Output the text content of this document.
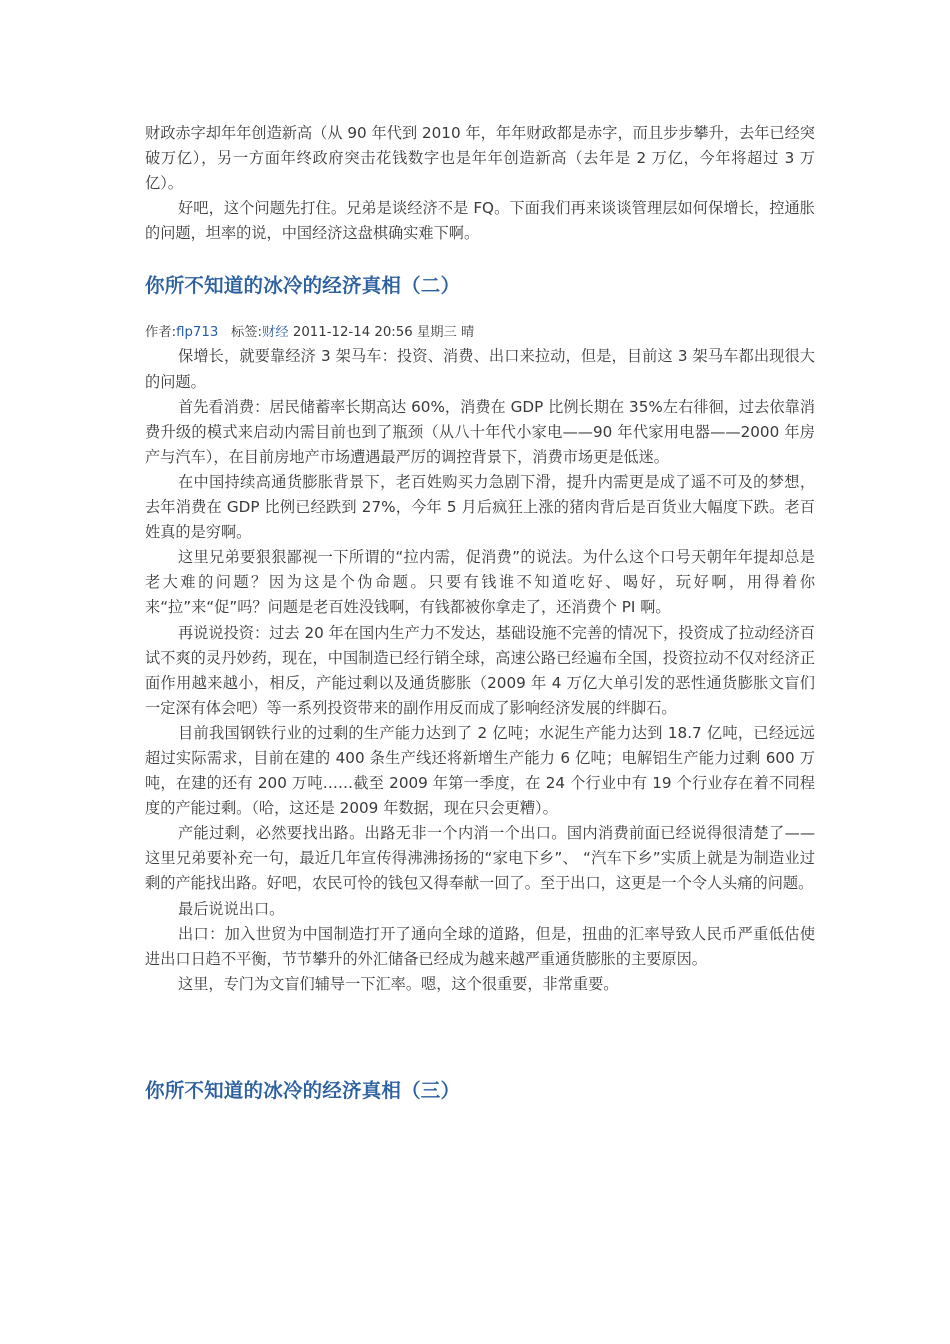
财政赤字却年年创造新高（从 90 年代到 2010 年，年年财政都是赤字，而且步步攀升，去年已经突破万亿），另一方面年终政府突击花钱数字也是年年创造新高（去年是 2 万亿，今年将超过 3 万亿）。

好吧，这个问题先打住。兄弟是谈经济不是 FQ。下面我们再来谈谈管理层如何保增长，控通胀的问题，坦率的说，中国经济这盘棋确实难下啊。

你所不知道的冰冷的经济真相（二）

作者:flp713 标签:财经 2011-12-14 20:56 星期三 晴

保增长，就要靠经济 3 架马车：投资、消费、出口来拉动，但是，目前这 3 架马车都出现很大的问题。

首先看消费：居民储蓄率长期高达 60%，消费在 GDP 比例长期在 35%左右徘徊，过去依靠消费升级的模式来启动内需目前也到了瓶颈（从八十年代小家电——90 年代家用电器——2000 年房产与汽车），在目前房地产市场遭遇最严厉的调控背景下，消费市场更是低迷。

在中国持续高通货膨胀背景下，老百姓购买力急剧下滑，提升内需更是成了遥不可及的梦想，去年消费在 GDP 比例已经跌到 27%，今年 5 月后疯狂上涨的猪肉背后是百货业大幅度下跌。老百姓真的是穷啊。

这里兄弟要狠狠鄙视一下所谓的“拉内需，促消费”的说法。为什么这个口号天朝年年提却总是老大难的问题？因为这是个伪命题。只要有钱谁不知道吃好、喝好，玩好啊，用得着你来“拉”来“促”吗？问题是老百姓没钱啊，有钱都被你拿走了，还消费个 PI 啊。

再说说投资：过去 20 年在国内生产力不发达，基础设施不完善的情况下，投资成了拉动经济百试不爽的灵丹妙药，现在，中国制造已经行销全球，高速公路已经遍布全国，投资拉动不仅对经济正面作用越来越小，相反，产能过剩以及通货膨胀（2009 年 4 万亿大单引发的恶性通货膨胀文盲们一定深有体会吧）等一系列投资带来的副作用反而成了影响经济发展的绊脚石。

目前我国钢铁行业的过剩的生产能力达到了 2 亿吨；水泥生产能力达到 18.7 亿吨，已经远远超过实际需求，目前在建的 400 条生产线还将新增生产能力 6 亿吨；电解铝生产能力过剩 600 万吨，在建的还有 200 万吨……截至 2009 年第一季度，在 24 个行业中有 19 个行业存在着不同程度的产能过剩。（哈，这还是 2009 年数据，现在只会更糟）。

产能过剩，必然要找出路。出路无非一个内消一个出口。国内消费前面已经说得很清楚了——这里兄弟要补充一句，最近几年宣传得沸沸扬扬的“家电下乡”、 “汽车下乡”实质上就是为制造业过剩的产能找出路。好吧，农民可怜的钱包又得奉献一回了。至于出口，这更是一个令人头痛的问题。

最后说说出口。

出口：加入世贸为中国制造打开了通向全球的道路，但是，扭曲的汇率导致人民币严重低估使进出口日趋不平衡，节节攀升的外汇储备已经成为越来越严重通货膨胀的主要原因。

这里，专门为文盲们辅导一下汇率。嗯，这个很重要，非常重要。

你所不知道的冰冷的经济真相（三）
